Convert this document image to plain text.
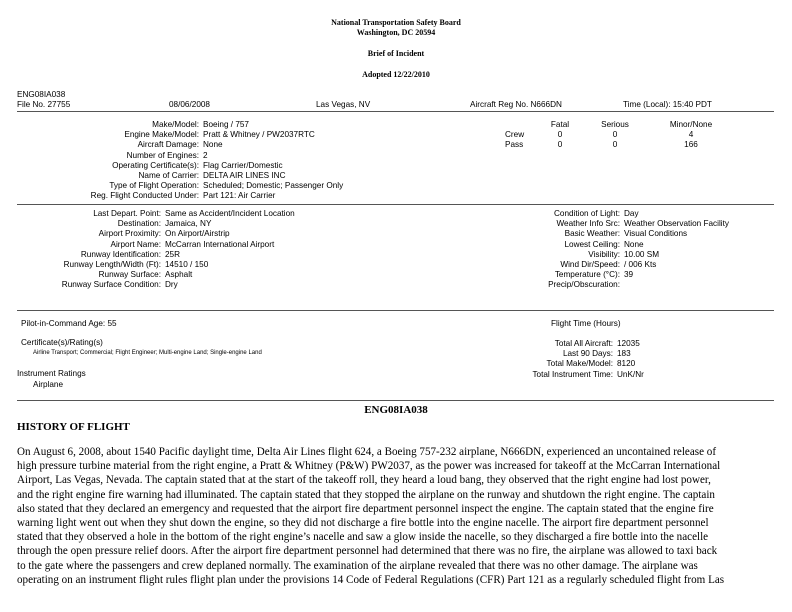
National Transportation Safety Board
Washington, DC 20594
Brief of Incident
Adopted 12/22/2010
ENG08IA038
File No. 27755	08/06/2008	Las Vegas, NV	Aircraft Reg No. N666DN	Time (Local): 15:40 PDT
Make/Model: Boeing / 757
Engine Make/Model: Pratt & Whitney / PW2037RTC
Aircraft Damage: None
Number of Engines: 2
Operating Certificate(s): Flag Carrier/Domestic
Name of Carrier: DELTA AIR LINES INC
Type of Flight Operation: Scheduled; Domestic; Passenger Only
Reg. Flight Conducted Under: Part 121: Air Carrier
	Fatal	Serious	Minor/None
Crew	0	0	4
Pass	0	0	166
Last Depart. Point: Same as Accident/Incident Location
Destination: Jamaica, NY
Airport Proximity: On Airport/Airstrip
Airport Name: McCarran International Airport
Runway Identification: 25R
Runway Length/Width (Ft): 14510 / 150
Runway Surface: Asphalt
Runway Surface Condition: Dry
Condition of Light: Day
Weather Info Src: Weather Observation Facility
Basic Weather: Visual Conditions
Lowest Ceiling: None
Visibility: 10.00 SM
Wind Dir/Speed: / 006 Kts
Temperature (°C): 39
Precip/Obscuration:
Pilot-in-Command Age: 55
Certificate(s)/Rating(s)
Airline Transport; Commercial; Flight Engineer; Multi-engine Land; Single-engine Land
Instrument Ratings
Airplane
Flight Time (Hours)
Total All Aircraft: 12035
Last 90 Days: 183
Total Make/Model: 8120
Total Instrument Time: UnK/Nr
ENG08IA038
HISTORY OF FLIGHT
On August 6, 2008, about 1540 Pacific daylight time, Delta Air Lines flight 624, a Boeing 757-232 airplane, N666DN, experienced an uncontained release of
high pressure turbine material from the right engine, a Pratt & Whitney (P&W) PW2037, as the power was increased for takeoff at the McCarran International
Airport, Las Vegas, Nevada. The captain stated that at the start of the takeoff roll, they heard a loud bang, they observed that the right engine had lost power,
and the right engine fire warning had illuminated. The captain stated that they stopped the airplane on the runway and shutdown the right engine. The captain
also stated that they declared an emergency and requested that the airport fire department personnel inspect the engine. The captain stated that the engine fire
warning light went out when they shut down the engine, so they did not discharge a fire bottle into the engine nacelle. The airport fire department personnel
stated that they observed a hole in the bottom of the right engine’s nacelle and saw a glow inside the nacelle, so they discharged a fire bottle into the nacelle
through the open pressure relief doors. After the airport fire department personnel had determined that there was no fire, the airplane was allowed to taxi back
to the gate where the passengers and crew deplaned normally. The examination of the airplane revealed that there was no other damage. The airplane was
operating on an instrument flight rules flight plan under the provisions 14 Code of Federal Regulations (CFR) Part 121 as a regularly scheduled flight from Las
